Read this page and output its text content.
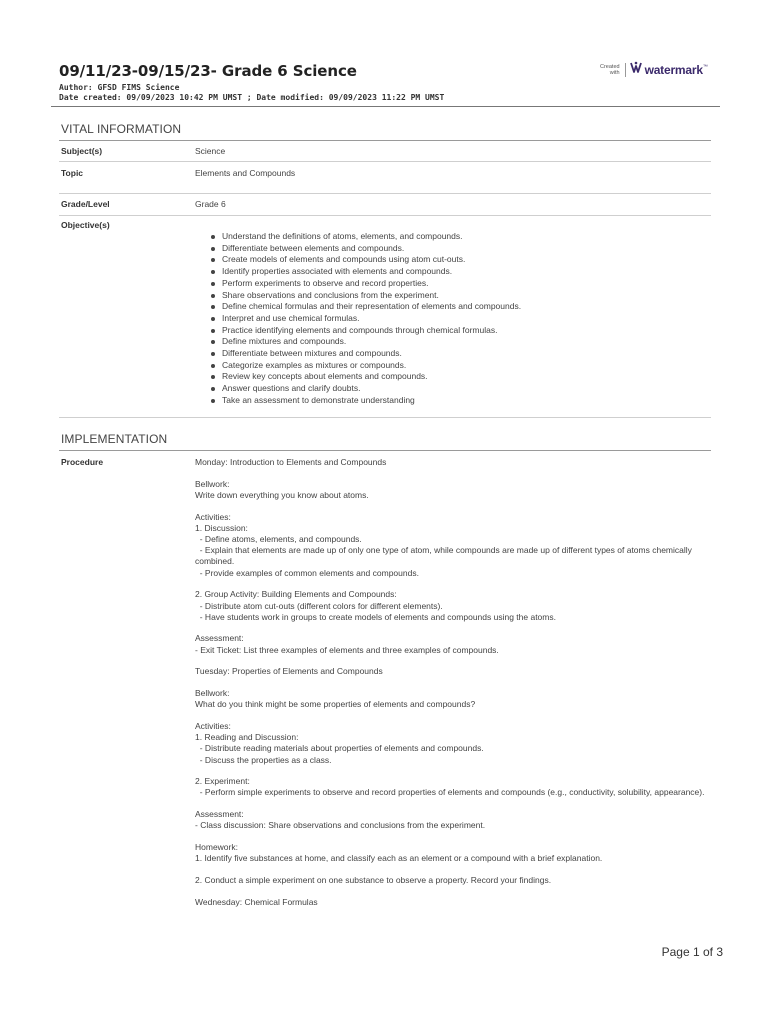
09/11/23-09/15/23- Grade 6 Science
Author: GFSD FIMS Science
Date created: 09/09/2023 10:42 PM UMST ; Date modified: 09/09/2023 11:22 PM UMST
Created
with watermark ™
VITAL INFORMATION
Subject(s)	Science
Topic	Elements and Compounds
Grade/Level	Grade 6
Objective(s)
Understand the definitions of atoms, elements, and compounds.
Differentiate between elements and compounds.
Create models of elements and compounds using atom cut-outs.
Identify properties associated with elements and compounds.
Perform experiments to observe and record properties.
Share observations and conclusions from the experiment.
Define chemical formulas and their representation of elements and compounds.
Interpret and use chemical formulas.
Practice identifying elements and compounds through chemical formulas.
Define mixtures and compounds.
Differentiate between mixtures and compounds.
Categorize examples as mixtures or compounds.
Review key concepts about elements and compounds.
Answer questions and clarify doubts.
Take an assessment to demonstrate understanding
IMPLEMENTATION
Procedure	Monday: Introduction to Elements and Compounds

Bellwork:
Write down everything you know about atoms.

Activities:
1. Discussion:
- Define atoms, elements, and compounds.
- Explain that elements are made up of only one type of atom, while compounds are made up of different types of atoms chemically combined.
- Provide examples of common elements and compounds.

2. Group Activity: Building Elements and Compounds:
- Distribute atom cut-outs (different colors for different elements).
- Have students work in groups to create models of elements and compounds using the atoms.

Assessment:
- Exit Ticket: List three examples of elements and three examples of compounds.

Tuesday: Properties of Elements and Compounds

Bellwork:
What do you think might be some properties of elements and compounds?

Activities:
1. Reading and Discussion:
- Distribute reading materials about properties of elements and compounds.
- Discuss the properties as a class.

2. Experiment:
- Perform simple experiments to observe and record properties of elements and compounds (e.g., conductivity, solubility, appearance).

Assessment:
- Class discussion: Share observations and conclusions from the experiment.

Homework:
1. Identify five substances at home, and classify each as an element or a compound with a brief explanation.

2. Conduct a simple experiment on one substance to observe a property. Record your findings.

Wednesday: Chemical Formulas

Page 1 of 3
